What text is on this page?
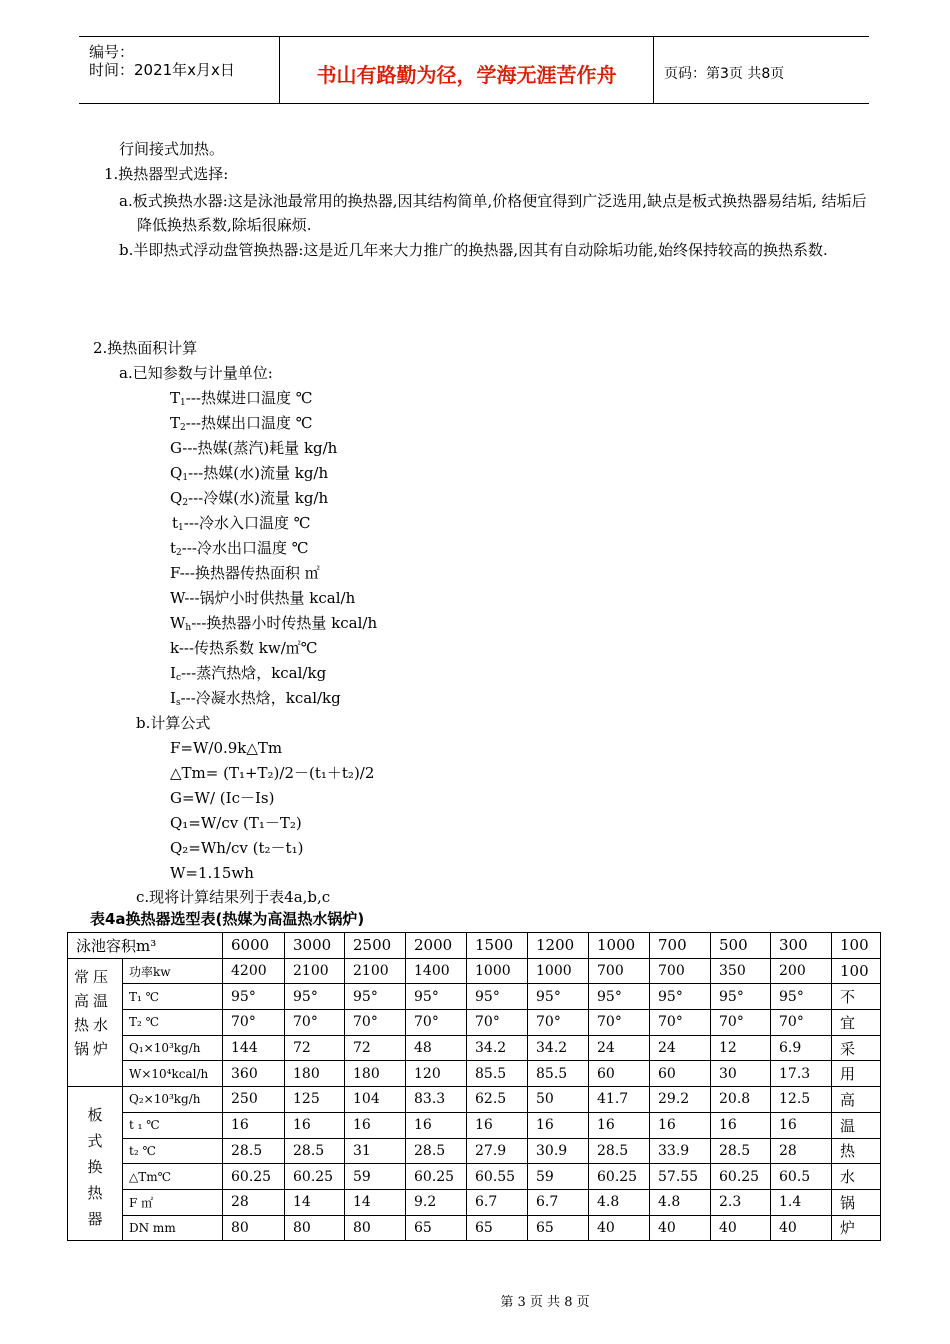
编号：
时间：2021年x月x日	书山有路勤为径，学海无涯苦作舟	页码：第3页 共8页
行间接式加热。
1.换热器型式选择:
a.板式换热水器:这是泳池最常用的换热器,因其结构简单,价格便宜得到广泛选用,缺点是板式换热器易结垢, 结垢后降低换热系数,除垢很麻烦.
b.半即热式浮动盘管换热器:这是近几年来大力推广的换热器,因其有自动除垢功能,始终保持较高的换热系数.
2.换热面积计算
a.已知参数与计量单位:
$T_1---$热媒进口温度 ℃
$T_2---$热媒出口温度 ℃
G---热媒(蒸汽)耗量 kg/h
$Q_1---$热媒(水)流量 kg/h
$Q_2---$冷媒(水)流量 kg/h
$t_1---$冷水入口温度 ℃
$t_2---$冷水出口温度 ℃
F---换热器传热面积 ㎡
W---锅炉小时供热量 kcal/h
$W_h---$换热器小时传热量 kcal/h
k---传热系数 kw/㎡℃
$I_c---$蒸汽热焓，kcal/kg
$I_s---$冷凝水热焓，kcal/kg
b.计算公式
F=W/0.9k△Tm
△Tm= (T₁+T₂)/2－(t₁＋t₂)/2
G=W/ (Iс－Is)
Q₁=W/cv (T₁－T₂)
Q₂=Wh/cv (t₂－t₁)
W=1.15wh
c.现将计算结果列于表4a,b,c
表4a换热器选型表(热媒为高温热水锅炉)
泳池容积m³		6000	3000	2500	2000	1500	1200	1000	700	500	300	100
常压高温热水锅炉	功率kw	4200	2100	2100	1400	1000	1000	700	700	350	200	100
	T₁ ℃	95°	95°	95°	95°	95°	95°	95°	95°	95°	95°	不
	T₂ ℃	70°	70°	70°	70°	70°	70°	70°	70°	70°	70°	宜
	Q₁×10³kg/h	144	72	72	48	34.2	34.2	24	24	12	6.9	采
	W×10⁴kcal/h	360	180	180	120	85.5	85.5	60	60	30	17.3	用
板式换热器	Q₂×10³kg/h	250	125	104	83.3	62.5	50	41.7	29.2	20.8	12.5	高
	t ₁ ℃	16	16	16	16	16	16	16	16	16	16	温
	t₂ ℃	28.5	28.5	31	28.5	27.9	30.9	28.5	33.9	28.5	28	热
	△Tm℃	60.25	60.25	59	60.25	60.55	59	60.25	57.55	60.25	60.5	水
	F ㎡	28	14	14	9.2	6.7	6.7	4.8	4.8	2.3	1.4	锅
	DN mm	80	80	80	65	65	65	40	40	40	40	炉
第 3 页 共 8 页
